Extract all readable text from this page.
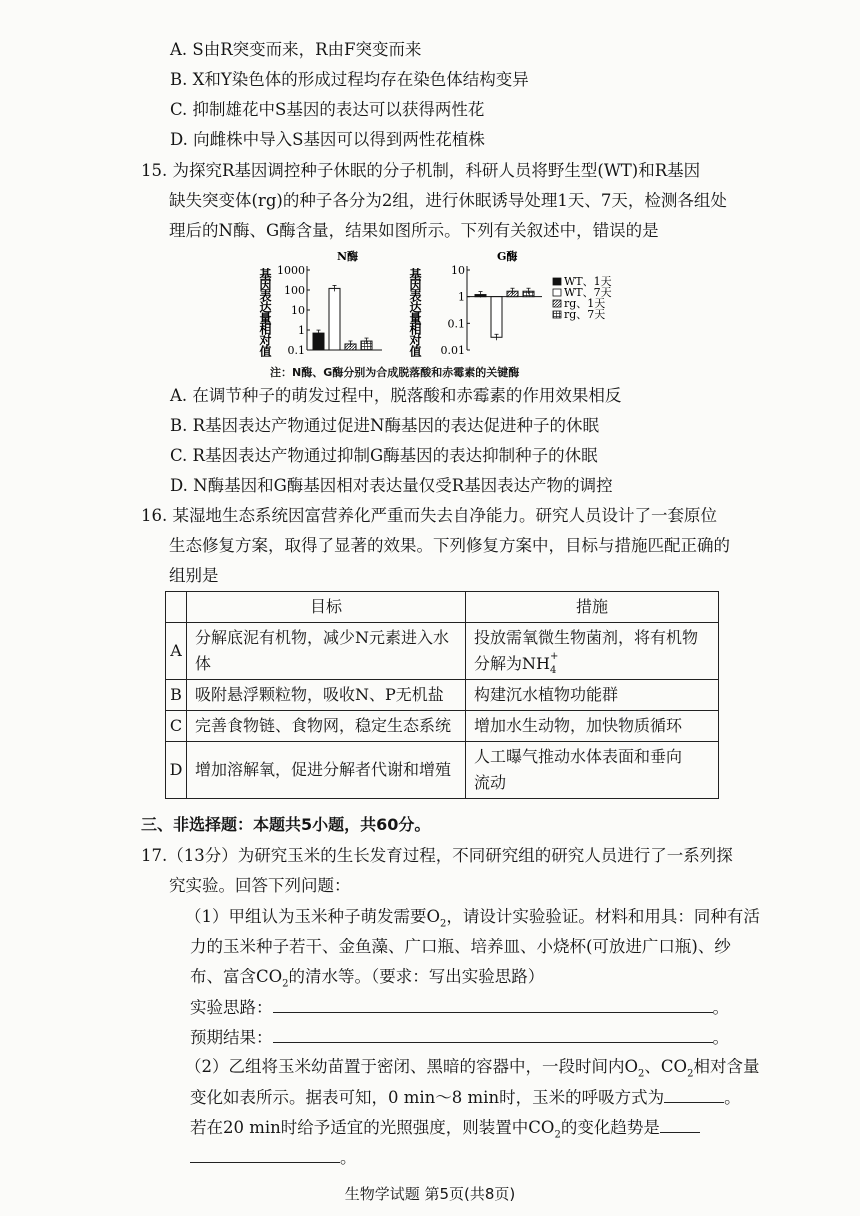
A. S由R突变而来，R由F突变而来
B. X和Y染色体的形成过程均存在染色体结构变异
C. 抑制雄花中S基因的表达可以获得两性花
D. 向雌株中导入S基因可以得到两性花植株
15. 为探究R基因调控种子休眠的分子机制，科研人员将野生型(WT)和R基因
缺失突变体(rg)的种子各分为2组，进行休眠诱导处理1天、7天，检测各组处
理后的N酶、G酶含量，结果如图所示。下列有关叙述中，错误的是
基因表达量相对值
N酶
1000
100
10
1
0.1	基因表达量相对值
G酶
10
1
0.1
0.01
WT、1天
WT、7天
rg、1天
rg、7天
注：N酶、G酶分别为合成脱落酸和赤霉素的关键酶
A. 在调节种子的萌发过程中，脱落酸和赤霉素的作用效果相反
B. R基因表达产物通过促进N酶基因的表达促进种子的休眠
C. R基因表达产物通过抑制G酶基因的表达抑制种子的休眠
D. N酶基因和G酶基因相对表达量仅受R基因表达产物的调控
16. 某湿地生态系统因富营养化严重而失去自净能力。研究人员设计了一套原位
生态修复方案，取得了显著的效果。下列修复方案中，目标与措施匹配正确的
组别是
	目标	措施
A	分解底泥有机物，减少N元素进入水体	投放需氧微生物菌剂，将有机物
分解为NH +
4

B	吸附悬浮颗粒物，吸收N、P无机盐	构建沉水植物功能群
C	完善食物链、食物网，稳定生态系统	增加水生动物，加快物质循环
D	增加溶解氧，促进分解者代谢和增殖	人工曝气推动水体表面和垂向
流动
三、非选择题：本题共5小题，共60分。
17.（13分）为研究玉米的生长发育过程，不同研究组的研究人员进行了一系列探
究实验。回答下列问题：
（1）甲组认为玉米种子萌发需要$O_2$，请设计实验验证。材料和用具：同种有活
力的玉米种子若干、金鱼藻、广口瓶、培养皿、小烧杯(可放进广口瓶)、纱
布、富含$CO_2$的清水等。（要求：写出实验思路）
实验思路：	。
预期结果：	。
（2）乙组将玉米幼苗置于密闭、黑暗的容器中，一段时间内$O_2$、$CO_2$相对含量
变化如表所示。据表可知，0 min～8 min时，玉米的呼吸方式为	。
若在20 min时给予适宜的光照强度，则装置中$CO_2$的变化趋势是
。
生物学试题 第5页(共8页)
